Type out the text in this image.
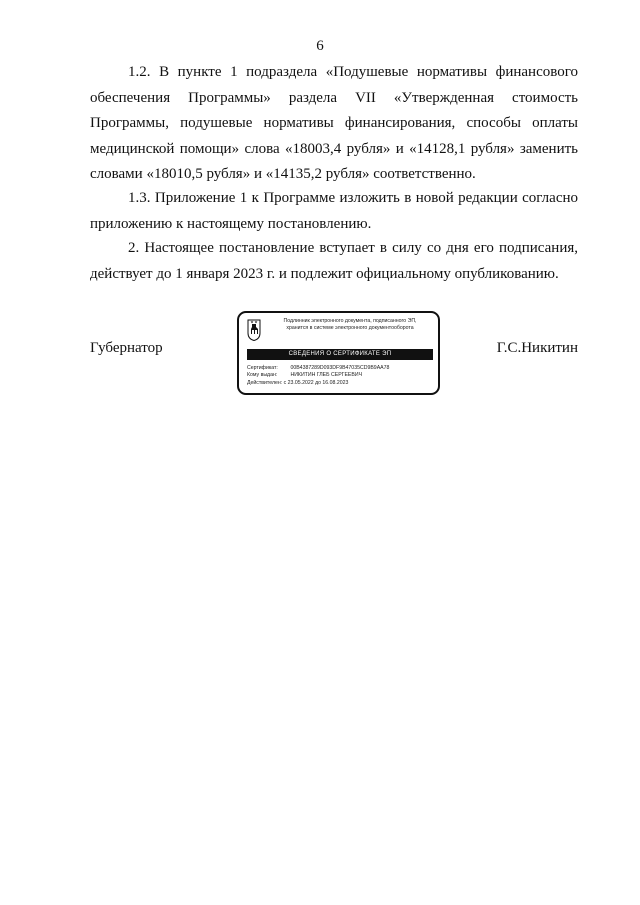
6
1.2. В пункте 1 подраздела «Подушевые нормативы финансового обеспечения Программы» раздела VII «Утвержденная стоимость Программы, подушевые нормативы финансирования, способы оплаты медицинской помощи» слова «18003,4 рубля» и «14128,1 рубля» заменить словами «18010,5 рубля» и «14135,2 рубля» соответственно.
1.3. Приложение 1 к Программе изложить в новой редакции согласно приложению к настоящему постановлению.
2. Настоящее постановление вступает в силу со дня его подписания, действует до 1 января 2023 г. и подлежит официальному опубликованию.
Губернатор
Подлинник электронного документа, подписанного ЭП,
хранится в системе электронного документооборота
СВЕДЕНИЯ О СЕРТИФИКАТЕ ЭП
Сертификат: 00B4387289D093DF9B47035CD9B9AA78
Кому выдан:	НИКИТИН ГЛЕБ СЕРГЕЕВИЧ
Действителен: с 23.05.2022 до 16.08.2023
Г.С.Никитин
